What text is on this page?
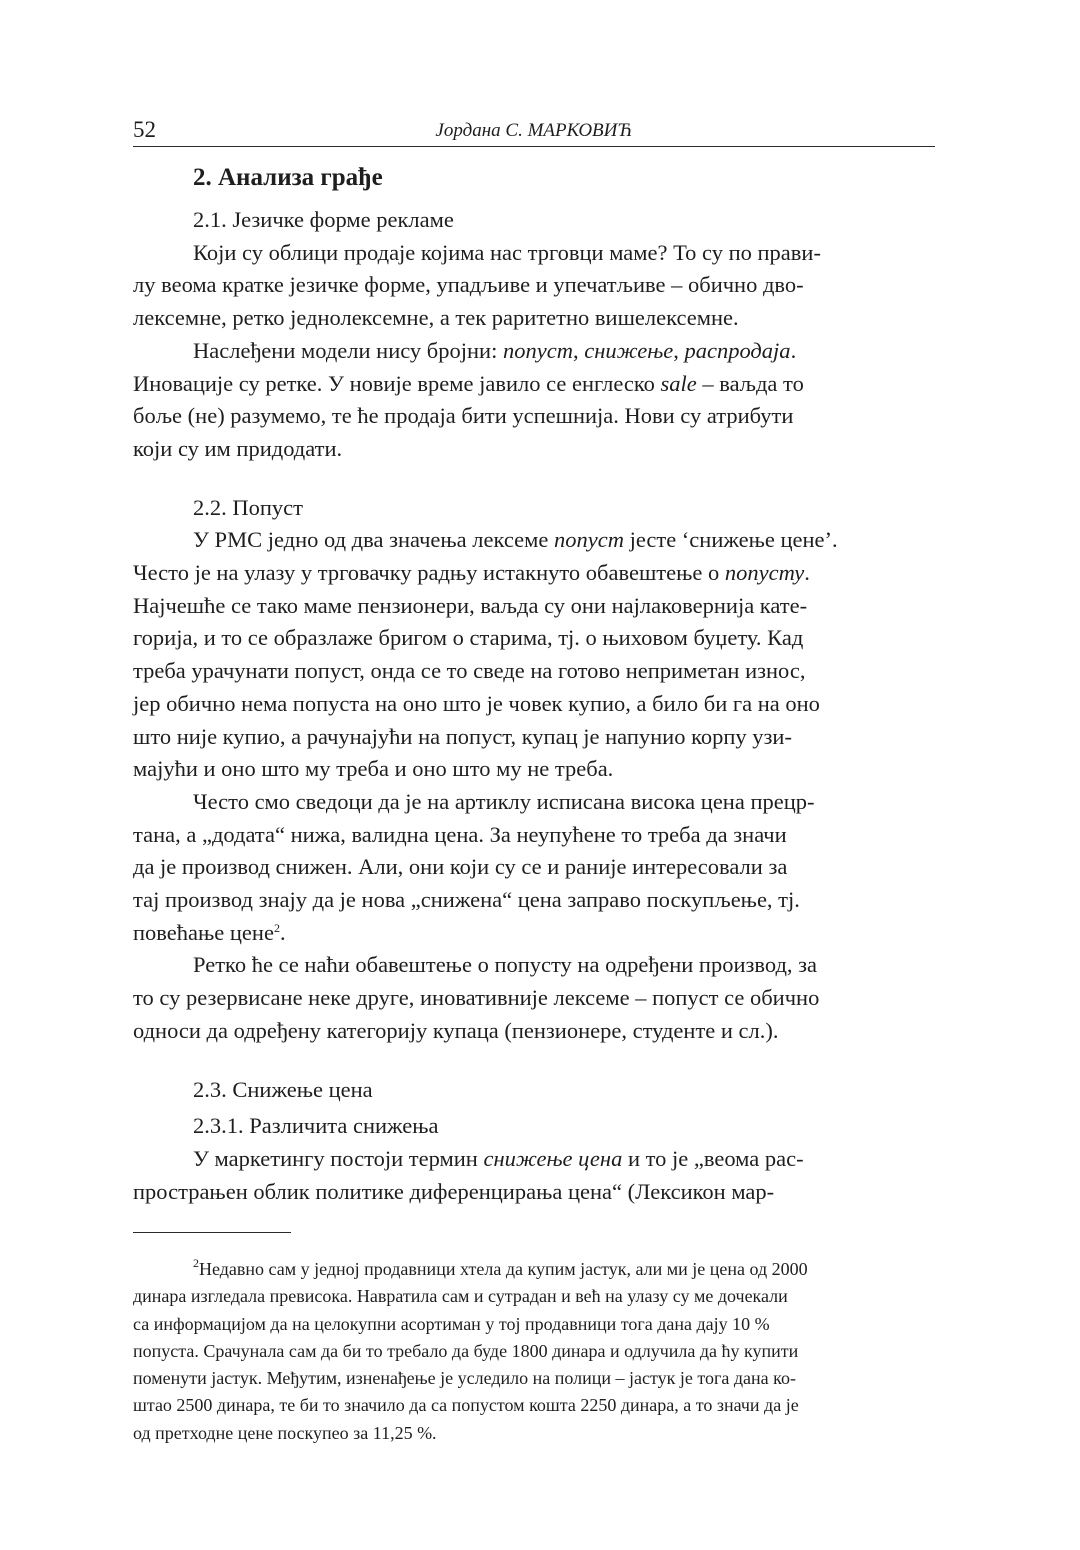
52	Јордана С. МАРКОВИЋ
2. Анализа грађе

2.1. Језичке форме рекламе

Који су облици продаје којима нас трговци маме? То су по прави-
лу веома кратке језичке форме, упадљиве и упечатљиве – обично дво-
лексемне, ретко једнолексемне, а тек раритетно вишелексемне.

Наслеђени модели нису бројни: попуст, снижење, распродаја.
Иновације су ретке. У новије време јавило се енглеско sale – ваљда то
боље (не) разумемо, те ће продаја бити успешнија. Нови су атрибути
који су им придодати.

2.2. Попуст

У РМС једно од два значења лексеме попуст јесте ‘снижење цене’.
Често је на улазу у трговачку радњу истакнуто обавештење о попусту.
Најчешће се тако маме пензионери, ваљда су они најлаковернија кате-
горија, и то се образлаже бригом о старима, тј. о њиховом буџету. Кад
треба урачунати попуст, онда се то сведе на готово неприметан износ,
јер обично нема попуста на оно што је човек купио, а било би га на оно
што није купио, а рачунајући на попуст, купац је напунио корпу узи-
мајући и оно што му треба и оно што му не треба.

Често смо сведоци да је на артиклу исписана висока цена прецр-
тана, а „додата“ нижа, валидна цена. За неупућене то треба да значи
да је производ снижен. Али, они који су се и раније интересовали за
тај производ знају да је нова „снижена“ цена заправо поскупљење, тј.
повећање цене$^2$.

Ретко ће се наћи обавештење о попусту на одређени производ, за
то су резервисане неке друге, иновативније лексеме – попуст се обично
односи да одређену категорију купаца (пензионере, студенте и сл.).

2.3. Снижење цена

2.3.1. Различита снижења

У маркетингу постоји термин снижење цена и то је „веома рас-
прострањен облик политике диференцирања цена“ (Лексикон мар-

$^2$Недавно сам у једној продавници хтела да купим јастук, али ми је цена од 2000
динара изгледала превисока. Навратила сам и сутрадан и већ на улазу су ме дочекали
са информацијом да на целокупни асортиман у тој продавници тога дана дају 10 %
попуста. Срачунала сам да би то требало да буде 1800 динара и одлучила да ћу купити
поменути јастук. Међутим, изненађење је уследило на полици – јастук је тога дана ко-
штао 2500 динара, те би то значило да са попустом кошта 2250 динара, а то значи да је
од претходне цене поскупео за 11,25 %.
